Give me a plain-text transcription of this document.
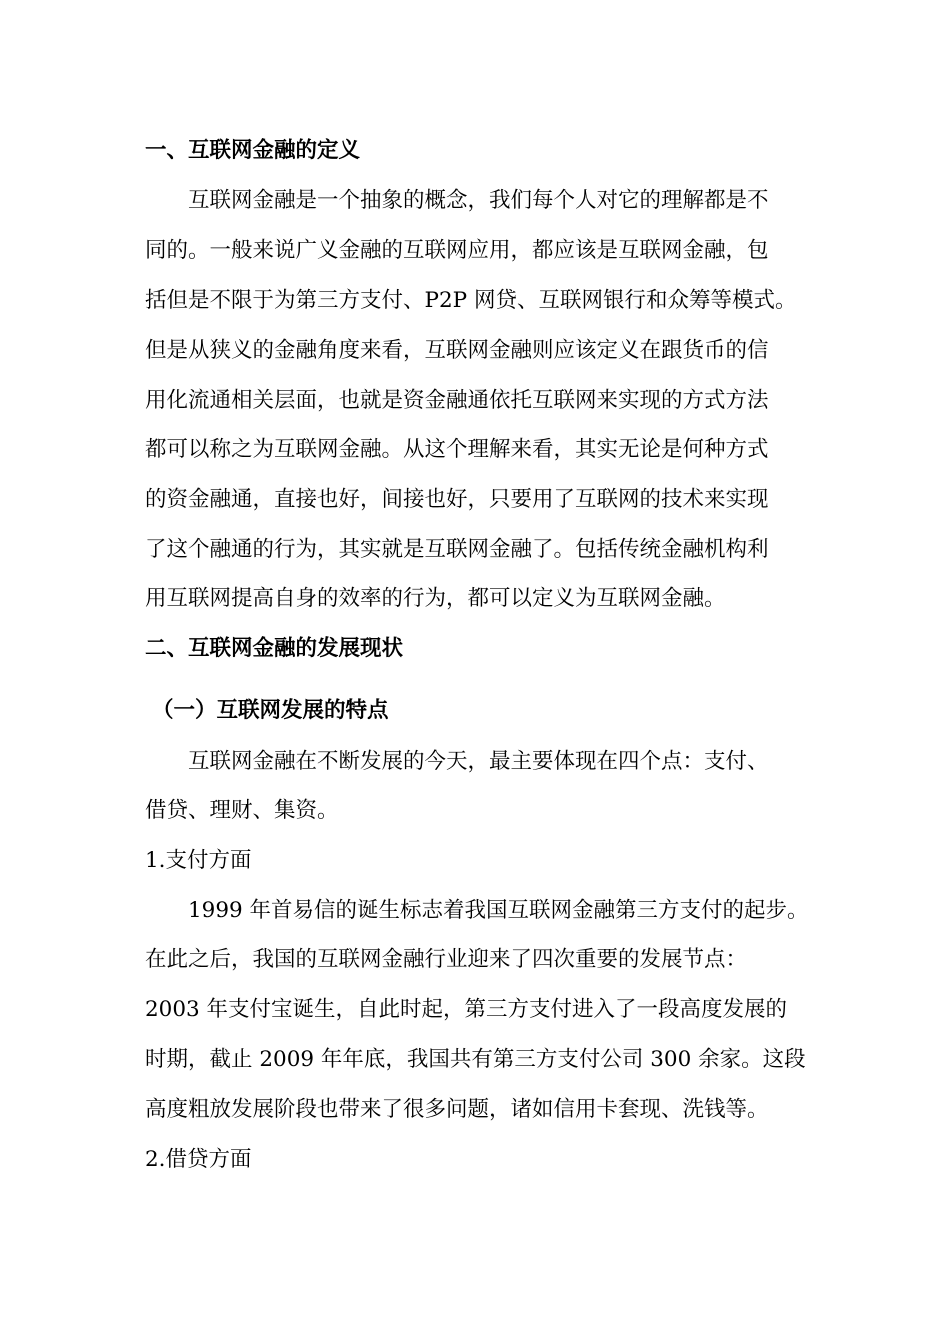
一、互联网金融的定义
互联网金融是一个抽象的概念，我们每个人对它的理解都是不
同的。一般来说广义金融的互联网应用，都应该是互联网金融，包
括但是不限于为第三方支付、P2P 网贷、互联网银行和众筹等模式。
但是从狭义的金融角度来看，互联网金融则应该定义在跟货币的信
用化流通相关层面，也就是资金融通依托互联网来实现的方式方法
都可以称之为互联网金融。从这个理解来看，其实无论是何种方式
的资金融通，直接也好，间接也好，只要用了互联网的技术来实现
了这个融通的行为，其实就是互联网金融了。包括传统金融机构利
用互联网提高自身的效率的行为，都可以定义为互联网金融。
二、互联网金融的发展现状
（一）互联网发展的特点
互联网金融在不断发展的今天，最主要体现在四个点：支付、
借贷、理财、集资。
1.支付方面
1999 年首易信的诞生标志着我国互联网金融第三方支付的起步。
在此之后，我国的互联网金融行业迎来了四次重要的发展节点：
2003 年支付宝诞生，自此时起，第三方支付进入了一段高度发展的
时期，截止 2009 年年底，我国共有第三方支付公司 300 余家。这段
高度粗放发展阶段也带来了很多问题，诸如信用卡套现、洗钱等。
2.借贷方面
